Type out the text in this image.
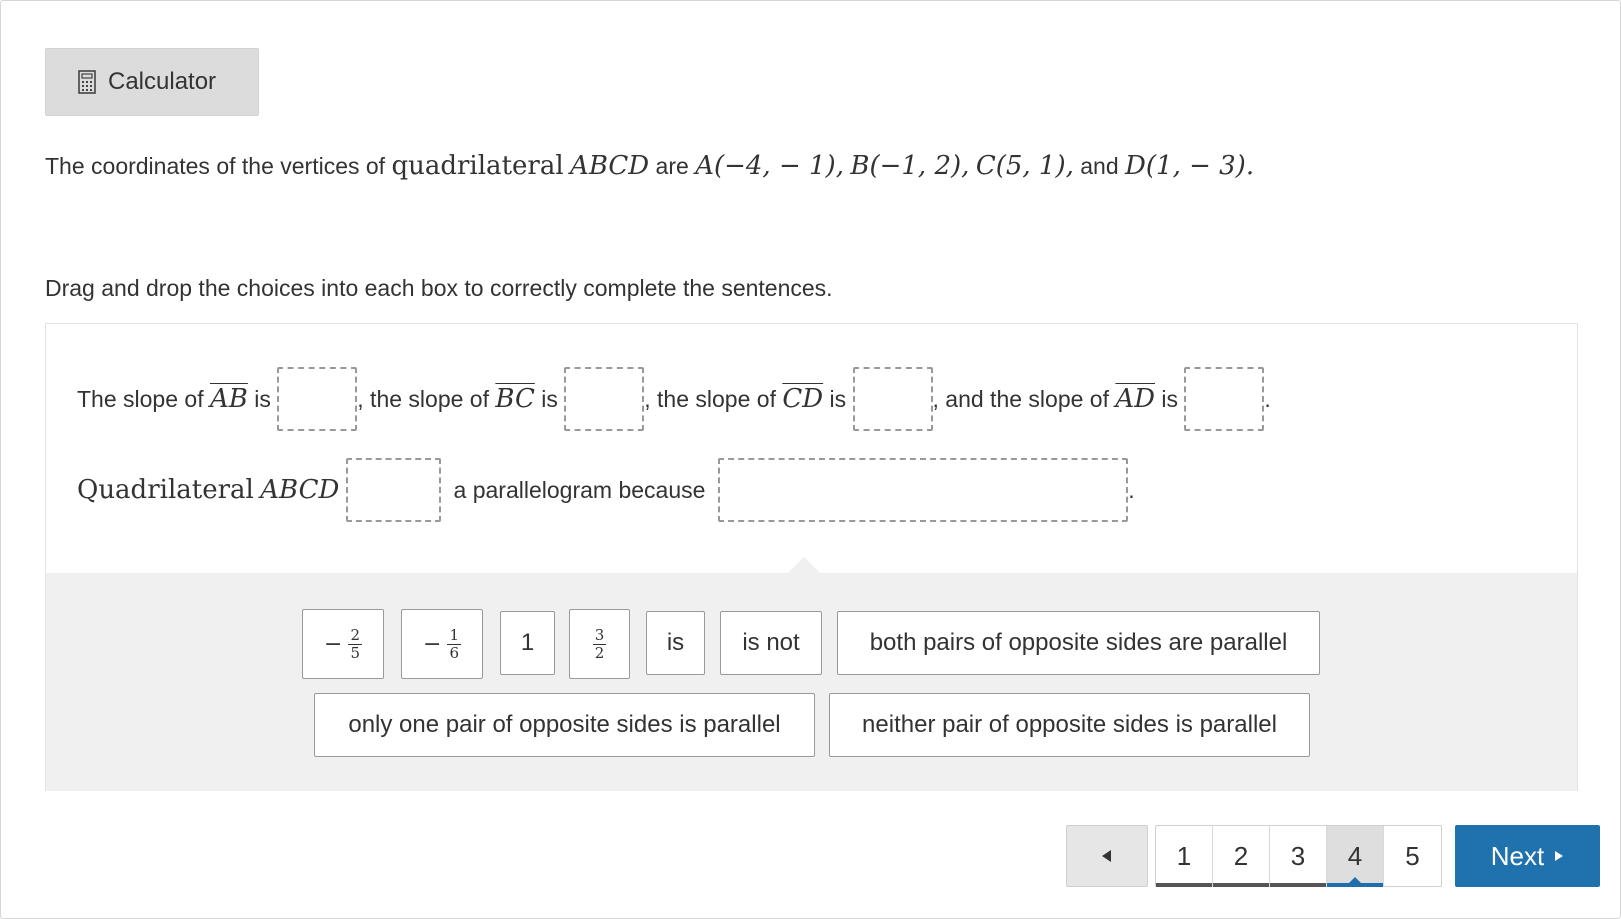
Calculator
The coordinates of the vertices of quadrilateral ABCD are A(−4, − 1), B(−1, 2), C(5, 1), and D(1, − 3).
Drag and drop the choices into each box to correctly complete the sentences.
The slope of
$\overline{AB}$
is
	, the slope of
$\overline{BC}$
is
	, the slope of
$\overline{CD}$
is
	, and the slope of
$\overline{AD}$
is
	.
Quadrilateral
ABCD

	a parallelogram because
	.
− $\frac{2}{5}$	− $\frac{1}{6}$	1	$\frac{3}{2}$	is	is not	both pairs of opposite sides are parallel
only one pair of opposite sides is parallel	neither pair of opposite sides is parallel
1 2 3 4 5	Next
